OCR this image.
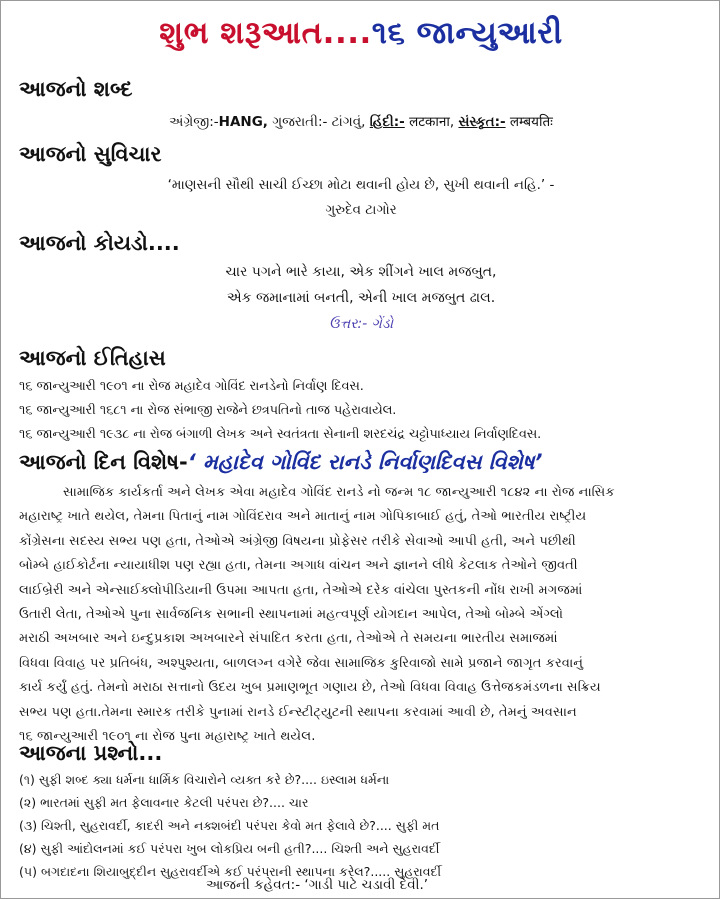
શુભ શરૂઆત....૧૬ જાન્યુઆરી
આજનો શબ્દ
અંગ્રેજી:-HANG, ગુજરાતી:- ટાંગવું, હિંદી:- लटकाना, સંસ્કૃત:- लम्बयतिः
આજનો સુવિચાર
‘માણસની સૌથી સાચી ઈચ્છા મોટા થવાની હોય છે, સુખી થવાની નહિ.’ -
ગુરુદેવ ટાગોર
આજનો કોયડો....
ચાર પગને ભારે કાયા, એક શીંગને ખાલ મજબુત,
એક જમાનામાં બનતી, એની ખાલ મજબુત ઢાલ.
ઉત્તર:- ગેંડો
આજનો ઈતિહાસ
૧૬ જાન્યુઆરી ૧૯૦૧ ના રોજ મહાદેવ ગોવિંદ રાનડેનો નિર્વાણ દિવસ.
૧૬ જાન્યુઆરી ૧૬૮૧ ના રોજ સંભાજી રાજેને છત્રપતિનો તાજ પહેરાવાયેલ.
૧૬ જાન્યુઆરી ૧૯૩૮ ના રોજ બંગાળી લેખક અને સ્વતંત્રતા સેનાની શરદચંદ્ર ચટ્ટોપાધ્યાય નિર્વાણદિવસ.
આજનો દિન વિશેષ-‘ મહાદેવ ગોવિંદ રાનડે નિર્વાણદિવસ વિશેષ’
સામાજિક કાર્યકર્તા અને લેખક એવા મહાદેવ ગોવિંદ રાનડે નો જન્મ ૧૮ જાન્યુઆરી ૧૮૪૨ ના રોજ નાસિક
મહારાષ્ટ્ર ખાતે થયેલ, તેમના પિતાનું નામ ગોવિંદરાવ અને માતાનું નામ ગોપિકાબાઈ હતું, તેઓ ભારતીય રાષ્ટ્રીય
કોંગ્રેસના સદસ્ય સભ્ય પણ હતા, તેઓએ અંગ્રેજી વિષયના પ્રોફેસર તરીકે સેવાઓ આપી હતી, અને પછીથી
બોમ્બે હાઈકોર્ટના ન્યાયાધીશ પણ રહ્યા હતા, તેમના અગાધ વાંચન અને જ્ઞાનને લીધે કેટલાક તેઓને જીવતી
લાઈબ્રેરી અને એન્સાઈક્લોપીડિયાની ઉપમા આપતા હતા, તેઓએ દરેક વાંચેલા પુસ્તકની નોંધ રાખી મગજમાં
ઉતારી લેતા, તેઓએ પુના સાર્વજનિક સભાની સ્થાપનામાં મહત્વપૂર્ણ યોગદાન આપેલ, તેઓ બોમ્બે એંગ્લો
મરાઠી અખબાર અને ઇન્દુપ્રકાશ અખબારને સંપાદિત કરતા હતા, તેઓએ તે સમયના ભારતીય સમાજમાં
વિધવા વિવાહ પર પ્રતિબંધ, અશ્પુશ્યતા, બાળલગ્ન વગેરે જેવા સામાજિક કુરિવાજો સામે પ્રજાને જાગૃત કરવાનું
કાર્ય કર્યું હતું. તેમનો મરાઠા સત્તાનો ઉદય ખુબ પ્રમાણભૂત ગણાય છે, તેઓ વિધવા વિવાહ ઉત્તેજકમંડળના સક્રિય
સભ્ય પણ હતા.તેમના સ્મારક તરીકે પુનામાં રાનડે ઈન્સ્ટીટ્યુટની સ્થાપના કરવામાં આવી છે, તેમનું અવસાન
૧૬ જાન્યુઆરી ૧૯૦૧ ના રોજ પુના મહારાષ્ટ્ર ખાતે થયેલ.
આજના પ્રશ્નો...
(૧) સુફી શબ્દ ક્યા ધર્મના ધાર્મિક વિચારોને વ્યક્ત કરે છે?.... ઇસ્લામ ધર્મના
(૨) ભારતમાં સુફી મત ફેલાવનાર કેટલી પરંપરા છે?.... ચાર
(૩) ચિશ્તી, સુહરાવર્દી, કાદરી અને નક્શબંદી પરંપરા કેવો મત ફેલાવે છે?.... સુફી મત
(૪) સુફી આંદોલનમાં કઈ પરંપરા ખુબ લોકપ્રિય બની હતી?.... ચિશ્તી અને સુહરાવર્દી
(૫) બગદાદના શિયાબુદ્દીન સુહરાવર્દીએ કઈ પરંપરાની સ્થાપના કરેલ?..... સુહરાવર્દી
આજની કહેવત:- ‘ગાડી પાટે ચડાવી દેવી.’
